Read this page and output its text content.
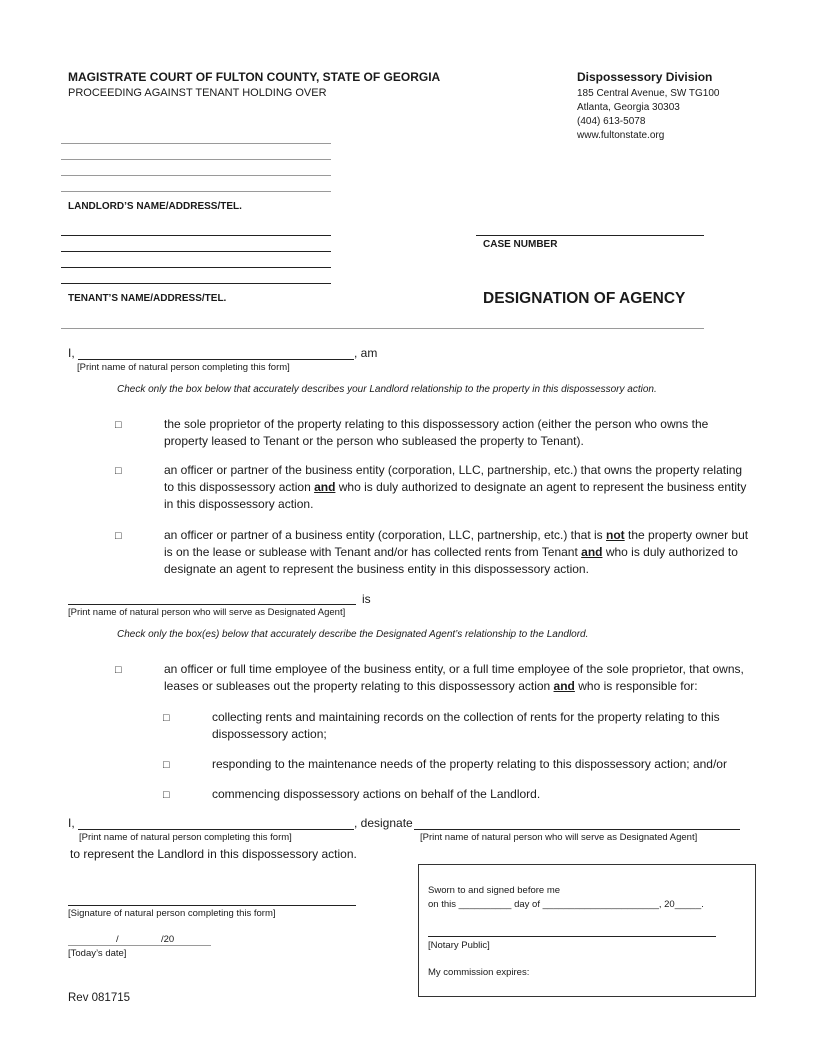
MAGISTRATE COURT OF FULTON COUNTY, STATE OF GEORGIA
PROCEEDING AGAINST TENANT HOLDING OVER
Dispossessory Division
185 Central Avenue, SW TG100
Atlanta, Georgia 30303
(404) 613-5078
www.fultonstate.org
LANDLORD’S NAME/ADDRESS/TEL.
TENANT’S NAME/ADDRESS/TEL.
CASE NUMBER
DESIGNATION OF AGENCY
I,	, am
[Print name of natural person completing this form]
Check only the box below that accurately describes your Landlord relationship to the property in this dispossessory action.
□	the sole proprietor of the property relating to this dispossessory action (either the person who owns the property leased to Tenant or the person who subleased the property to Tenant).
□	an officer or partner of the business entity (corporation, LLC, partnership, etc.) that owns the property relating to this dispossessory action and who is duly authorized to designate an agent to represent the business entity in this dispossessory action.
□	an officer or partner of a business entity (corporation, LLC, partnership, etc.) that is not the property owner but is on the lease or sublease with Tenant and/or has collected rents from Tenant and who is duly authorized to designate an agent to represent the business entity in this dispossessory action.
is
[Print name of natural person who will serve as Designated Agent]
Check only the box(es) below that accurately describe the Designated Agent’s relationship to the Landlord.
□	an officer or full time employee of the business entity, or a full time employee of the sole proprietor, that owns, leases or subleases out the property relating to this dispossessory action and who is responsible for:
□	collecting rents and maintaining records on the collection of rents for the property relating to this dispossessory action;
□	responding to the maintenance needs of the property relating to this dispossessory action; and/or
□	commencing dispossessory actions on behalf of the Landlord.
I,	, designate
[Print name of natural person completing this form]	[Print name of natural person who will serve as Designated Agent]
to represent the Landlord in this dispossessory action.
[Signature of natural person completing this form]
/	/20
[Today’s date]
Sworn to and signed before me
on this __________ day of ______________________, 20_____.
[Notary Public]
My commission expires:
Rev 081715
